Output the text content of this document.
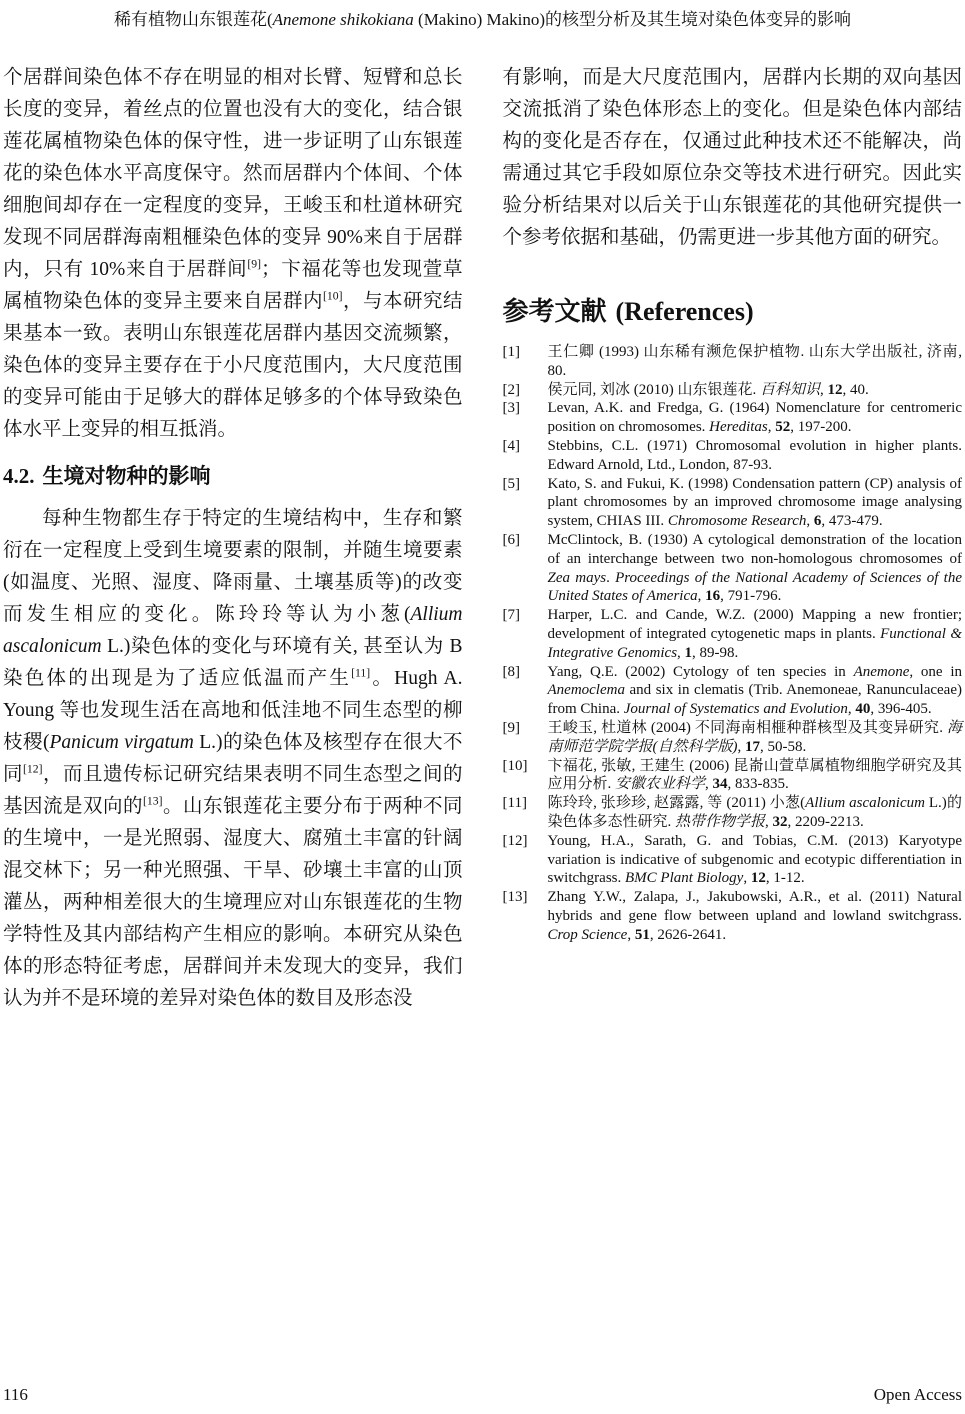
稀有植物山东银莲花(Anemone shikokiana (Makino) Makino)的核型分析及其生境对染色体变异的影响

个居群间染色体不存在明显的相对长臂、短臂和总长长度的变异，着丝点的位置也没有大的变化，结合银莲花属植物染色体的保守性，进一步证明了山东银莲花的染色体水平高度保守。然而居群内个体间、个体细胞间却存在一定程度的变异，王峻玉和杜道林研究发现不同居群海南粗榧染色体的变异 90%来自于居群内，只有 10%来自于居群间[9]；卞福花等也发现萱草属植物染色体的变异主要来自居群内[10]，与本研究结果基本一致。表明山东银莲花居群内基因交流频繁，染色体的变异主要存在于小尺度范围内，大尺度范围的变异可能由于足够大的群体足够多的个体导致染色体水平上变异的相互抵消。

4.2. 生境对物种的影响

每种生物都生存于特定的生境结构中，生存和繁衍在一定程度上受到生境要素的限制，并随生境要素(如温度、光照、湿度、降雨量、土壤基质等)的改变而发生相应的变化。陈玲玲等认为小葱(Allium ascalonicum L.)染色体的变化与环境有关, 甚至认为 B 染色体的出现是为了适应低温而产生[11]。Hugh A. Young 等也发现生活在高地和低洼地不同生态型的柳枝稷(Panicum virgatum L.)的染色体及核型存在很大不同[12]，而且遗传标记研究结果表明不同生态型之间的基因流是双向的[13]。山东银莲花主要分布于两种不同的生境中，一是光照弱、湿度大、腐殖土丰富的针阔混交林下；另一种光照强、干旱、砂壤土丰富的山顶灌丛，两种相差很大的生境理应对山东银莲花的生物学特性及其内部结构产生相应的影响。本研究从染色体的形态特征考虑，居群间并未发现大的变异，我们认为并不是环境的差异对染色体的数目及形态没

有影响，而是大尺度范围内，居群内长期的双向基因交流抵消了染色体形态上的变化。但是染色体内部结构的变化是否存在，仅通过此种技术还不能解决，尚需通过其它手段如原位杂交等技术进行研究。因此实验分析结果对以后关于山东银莲花的其他研究提供一个参考依据和基础，仍需更进一步其他方面的研究。

参考文献 (References)
[1]	王仁卿 (1993) 山东稀有濒危保护植物. 山东大学出版社, 济南, 80.
[2]	侯元同, 刘冰 (2010) 山东银莲花. 百科知识, 12, 40.
[3]	Levan, A.K. and Fredga, G. (1964) Nomenclature for centromeric position on chromosomes. Hereditas, 52, 197-200.
[4]	Stebbins, C.L. (1971) Chromosomal evolution in higher plants. Edward Arnold, Ltd., London, 87-93.
[5]	Kato, S. and Fukui, K. (1998) Condensation pattern (CP) analysis of plant chromosomes by an improved chromosome image analysing system, CHIAS III. Chromosome Research, 6, 473-479.
[6]	McClintock, B. (1930) A cytological demonstration of the location of an interchange between two non-homologous chromosomes of Zea mays. Proceedings of the National Academy of Sciences of the United States of America, 16, 791-796.
[7]	Harper, L.C. and Cande, W.Z. (2000) Mapping a new frontier; development of integrated cytogenetic maps in plants. Functional & Integrative Genomics, 1, 89-98.
[8]	Yang, Q.E. (2002) Cytology of ten species in Anemone, one in Anemoclema and six in clematis (Trib. Anemoneae, Ranunculaceae) from China. Journal of Systematics and Evolution, 40, 396-405.
[9]	王峻玉, 杜道林 (2004) 不同海南相榧种群核型及其变异研究. 海南师范学院学报(自然科学版), 17, 50-58.
[10]	卞福花, 张敏, 王建生 (2006) 昆嵛山萱草属植物细胞学研究及其应用分析. 安徽农业科学, 34, 833-835.
[11]	陈玲玲, 张珍珍, 赵露露, 等 (2011) 小葱(Allium ascalonicum L.)的染色体多态性研究. 热带作物学报, 32, 2209-2213.
[12]	Young, H.A., Sarath, G. and Tobias, C.M. (2013) Karyotype variation is indicative of subgenomic and ecotypic differentiation in switchgrass. BMC Plant Biology, 12, 1-12.
[13]	Zhang Y.W., Zalapa, J., Jakubowski, A.R., et al. (2011) Natural hybrids and gene flow between upland and lowland switchgrass. Crop Science, 51, 2626-2641.
116	Open Access
